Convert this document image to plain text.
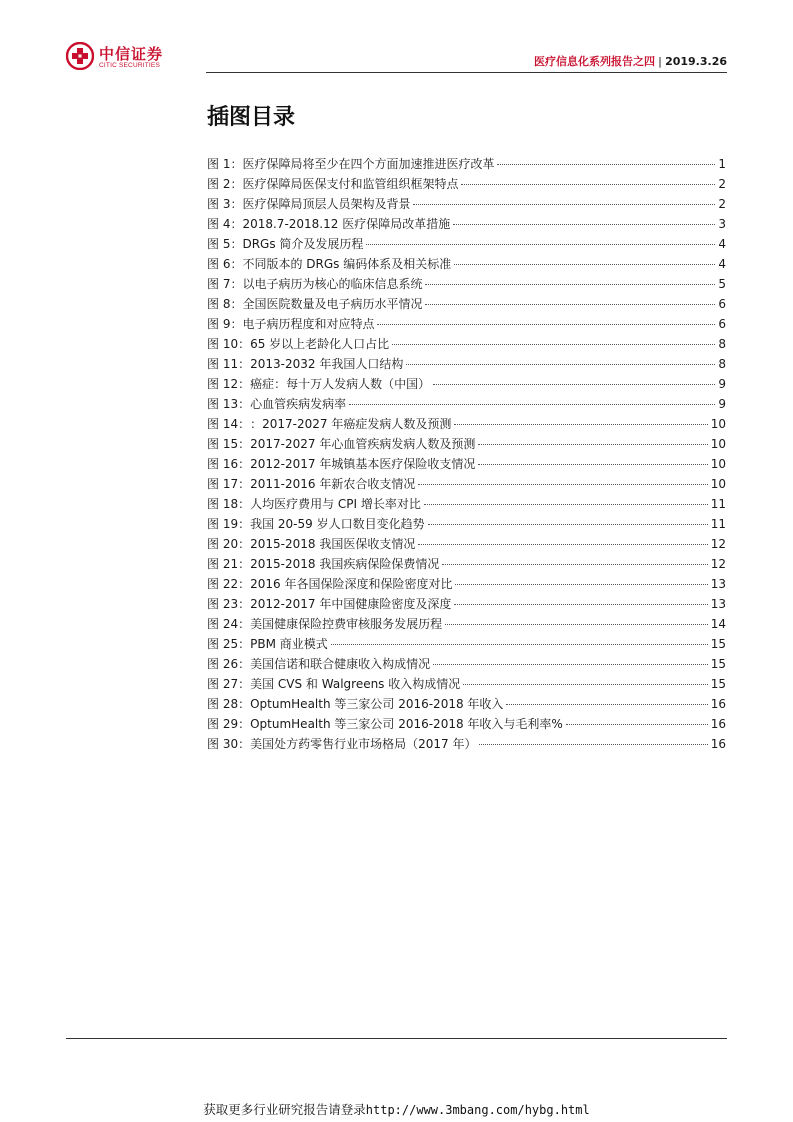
中信证券
CITIC SECURITIES	医疗信息化系列报告之四 | 2019.3.26
插图目录
图 1： 医疗保障局将至少在四个方面加速推进医疗改革	1
图 2： 医疗保障局医保支付和监管组织框架特点	2
图 3： 医疗保障局顶层人员架构及背景	2
图 4： 2018.7-2018.12 医疗保障局改革措施	3
图 5： DRGs 简介及发展历程	4
图 6： 不同版本的 DRGs 编码体系及相关标准	4
图 7： 以电子病历为核心的临床信息系统	5
图 8： 全国医院数量及电子病历水平情况	6
图 9： 电子病历程度和对应特点	6
图 10： 65 岁以上老龄化人口占比	8
图 11： 2013-2032 年我国人口结构	8
图 12： 癌症：每十万人发病人数（中国）	9
图 13： 心血管疾病发病率	9
图 14： ：2017-2027 年癌症发病人数及预测	10
图 15： 2017-2027 年心血管疾病发病人数及预测	10
图 16： 2012-2017 年城镇基本医疗保险收支情况	10
图 17： 2011-2016 年新农合收支情况	10
图 18： 人均医疗费用与 CPI 增长率对比	11
图 19： 我国 20-59 岁人口数目变化趋势	11
图 20： 2015-2018 我国医保收支情况	12
图 21： 2015-2018 我国疾病保险保费情况	12
图 22： 2016 年各国保险深度和保险密度对比	13
图 23： 2012-2017 年中国健康险密度及深度	13
图 24： 美国健康保险控费审核服务发展历程	14
图 25： PBM 商业模式	15
图 26： 美国信诺和联合健康收入构成情况	15
图 27： 美国 CVS 和 Walgreens 收入构成情况	15
图 28： OptumHealth 等三家公司 2016-2018 年收入	16
图 29： OptumHealth 等三家公司 2016-2018 年收入与毛利率%	16
图 30： 美国处方药零售行业市场格局（2017 年）	16
获取更多行业研究报告请登录http://www.3mbang.com/hybg.html
